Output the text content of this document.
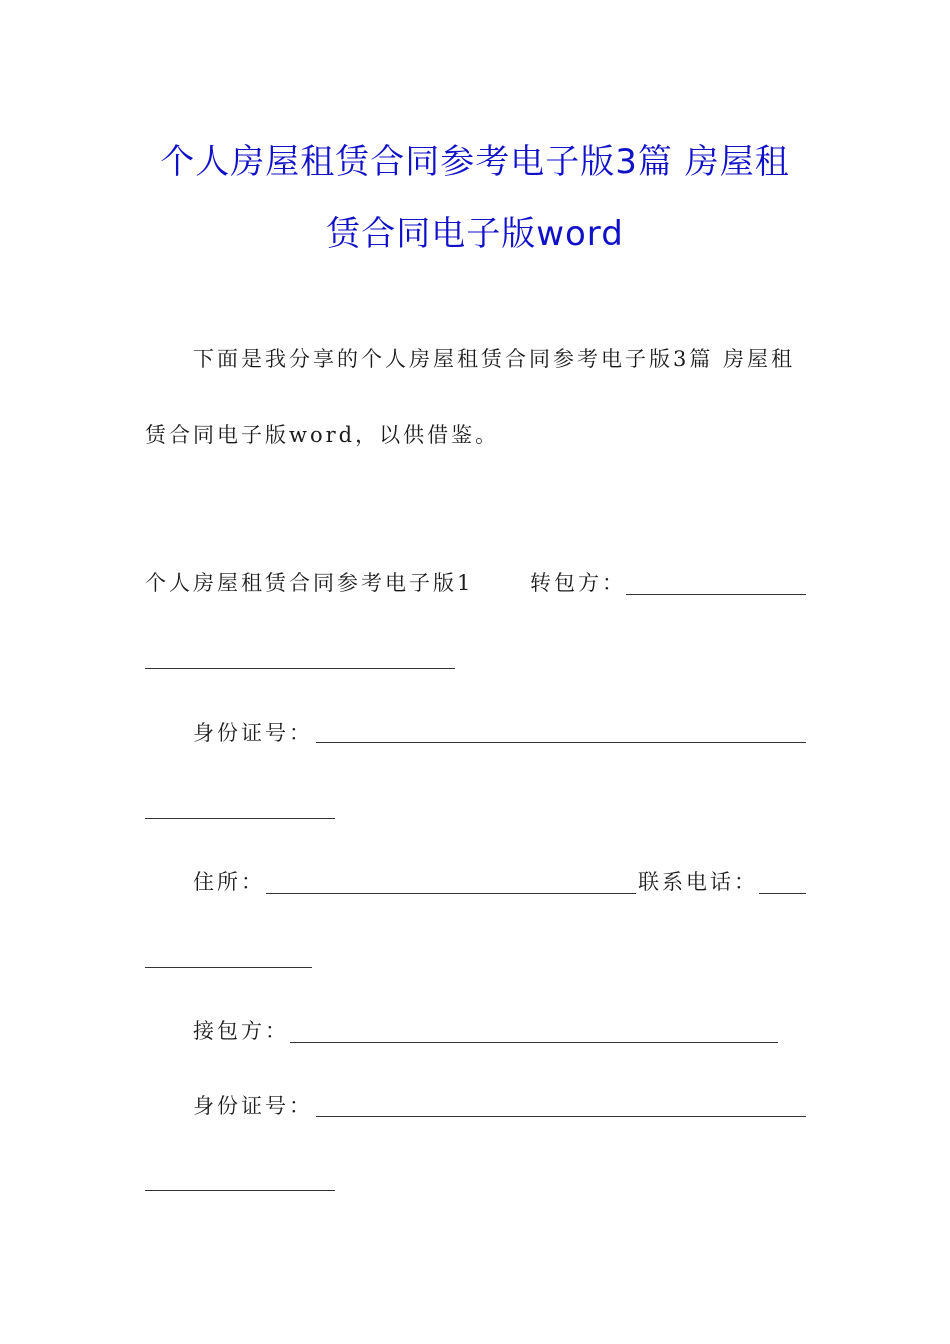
个人房屋租赁合同参考电子版3篇 房屋租
赁合同电子版word
下面是我分享的个人房屋租赁合同参考电子版3篇 房屋租
赁合同电子版word，以供借鉴。
个人房屋租赁合同参考电子版1	转包方：
身份证号：
住所：	联系电话：
接包方：
身份证号：
